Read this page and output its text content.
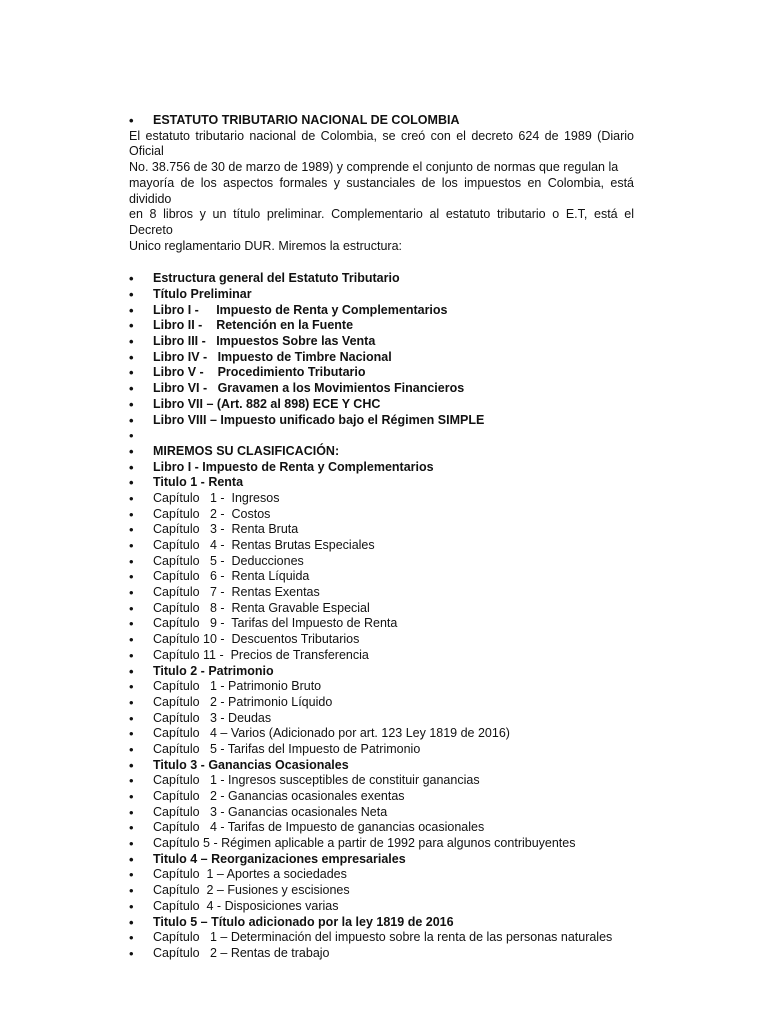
•	ESTATUTO TRIBUTARIO NACIONAL DE COLOMBIA
El estatuto tributario nacional de Colombia, se creó con el decreto 624 de 1989 (Diario Oficial
No. 38.756 de 30 de marzo de 1989) y comprende el conjunto de normas que regulan la
mayoría de los aspectos formales y sustanciales de los impuestos en Colombia, está dividido
en 8 libros y un título preliminar. Complementario al estatuto tributario o E.T, está el Decreto
Unico reglamentario DUR. Miremos la estructura:
•	Estructura general del Estatuto Tributario
•	Título Preliminar
•	Libro I -     Impuesto de Renta y Complementarios
•	Libro II -    Retención en la Fuente
•	Libro III -   Impuestos Sobre las Venta
•	Libro IV -   Impuesto de Timbre Nacional
•	Libro V -    Procedimiento Tributario
•	Libro VI -   Gravamen a los Movimientos Financieros
•	Libro VII – (Art. 882 al 898) ECE Y CHC
•	Libro VIII – Impuesto unificado bajo el Régimen SIMPLE
•
•	MIREMOS SU CLASIFICACIÓN:
•	Libro I - Impuesto de Renta y Complementarios
•	Titulo 1 - Renta
•	Capítulo   1 -  Ingresos
•	Capítulo   2 -  Costos
•	Capítulo   3 -  Renta Bruta
•	Capítulo   4 -  Rentas Brutas Especiales
•	Capítulo   5 -  Deducciones
•	Capítulo   6 -  Renta Líquida
•	Capítulo   7 -  Rentas Exentas
•	Capítulo   8 -  Renta Gravable Especial
•	Capítulo   9 -  Tarifas del Impuesto de Renta
•	Capítulo 10 -  Descuentos Tributarios
•	Capítulo 11 -  Precios de Transferencia
•	Titulo 2 - Patrimonio
•	Capítulo   1 - Patrimonio Bruto
•	Capítulo   2 - Patrimonio Líquido
•	Capítulo   3 - Deudas
•	Capítulo   4 – Varios (Adicionado por art. 123 Ley 1819 de 2016)
•	Capítulo   5 - Tarifas del Impuesto de Patrimonio
•	Titulo 3 - Ganancias Ocasionales
•	Capítulo   1 - Ingresos susceptibles de constituir ganancias
•	Capítulo   2 - Ganancias ocasionales exentas
•	Capítulo   3 - Ganancias ocasionales Neta
•	Capítulo   4 - Tarifas de Impuesto de ganancias ocasionales
•	Capítulo 5 - Régimen aplicable a partir de 1992 para algunos contribuyentes
•	Titulo 4 – Reorganizaciones empresariales
•	Capítulo  1 – Aportes a sociedades
•	Capítulo  2 – Fusiones y escisiones
•	Capítulo  4 - Disposiciones varias
•	Titulo 5 – Título adicionado por la ley 1819 de 2016
•	Capítulo   1 – Determinación del impuesto sobre la renta de las personas naturales
•	Capítulo   2 – Rentas de trabajo
